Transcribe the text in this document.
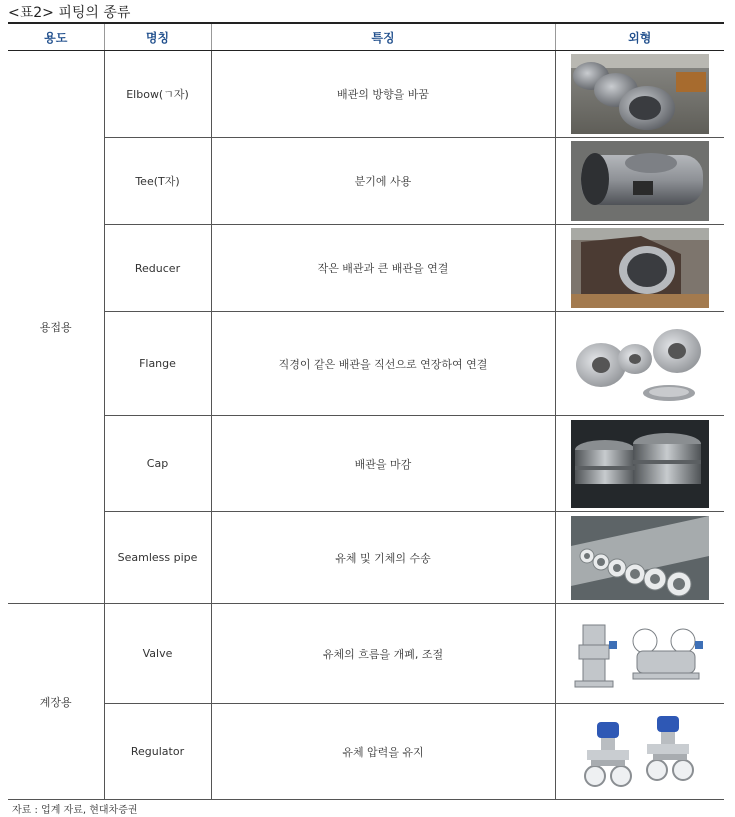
<표2> 피팅의 종류
용도	명칭	특징	외형
용접용	Elbow(ㄱ자)	배관의 방향을 바꿈	

	Tee(T자)	분기에 사용	

	Reducer	작은 배관과 큰 배관을 연결	

	Flange	직경이 같은 배관을 직선으로 연장하여 연결	

	Cap	배관을 마감	

	Seamless pipe	유체 및 기체의 수송	

계장용	Valve	유체의 흐름을 개폐, 조절	

	Regulator	유체 압력을 유지	
자료 : 업계 자료, 현대차증권
